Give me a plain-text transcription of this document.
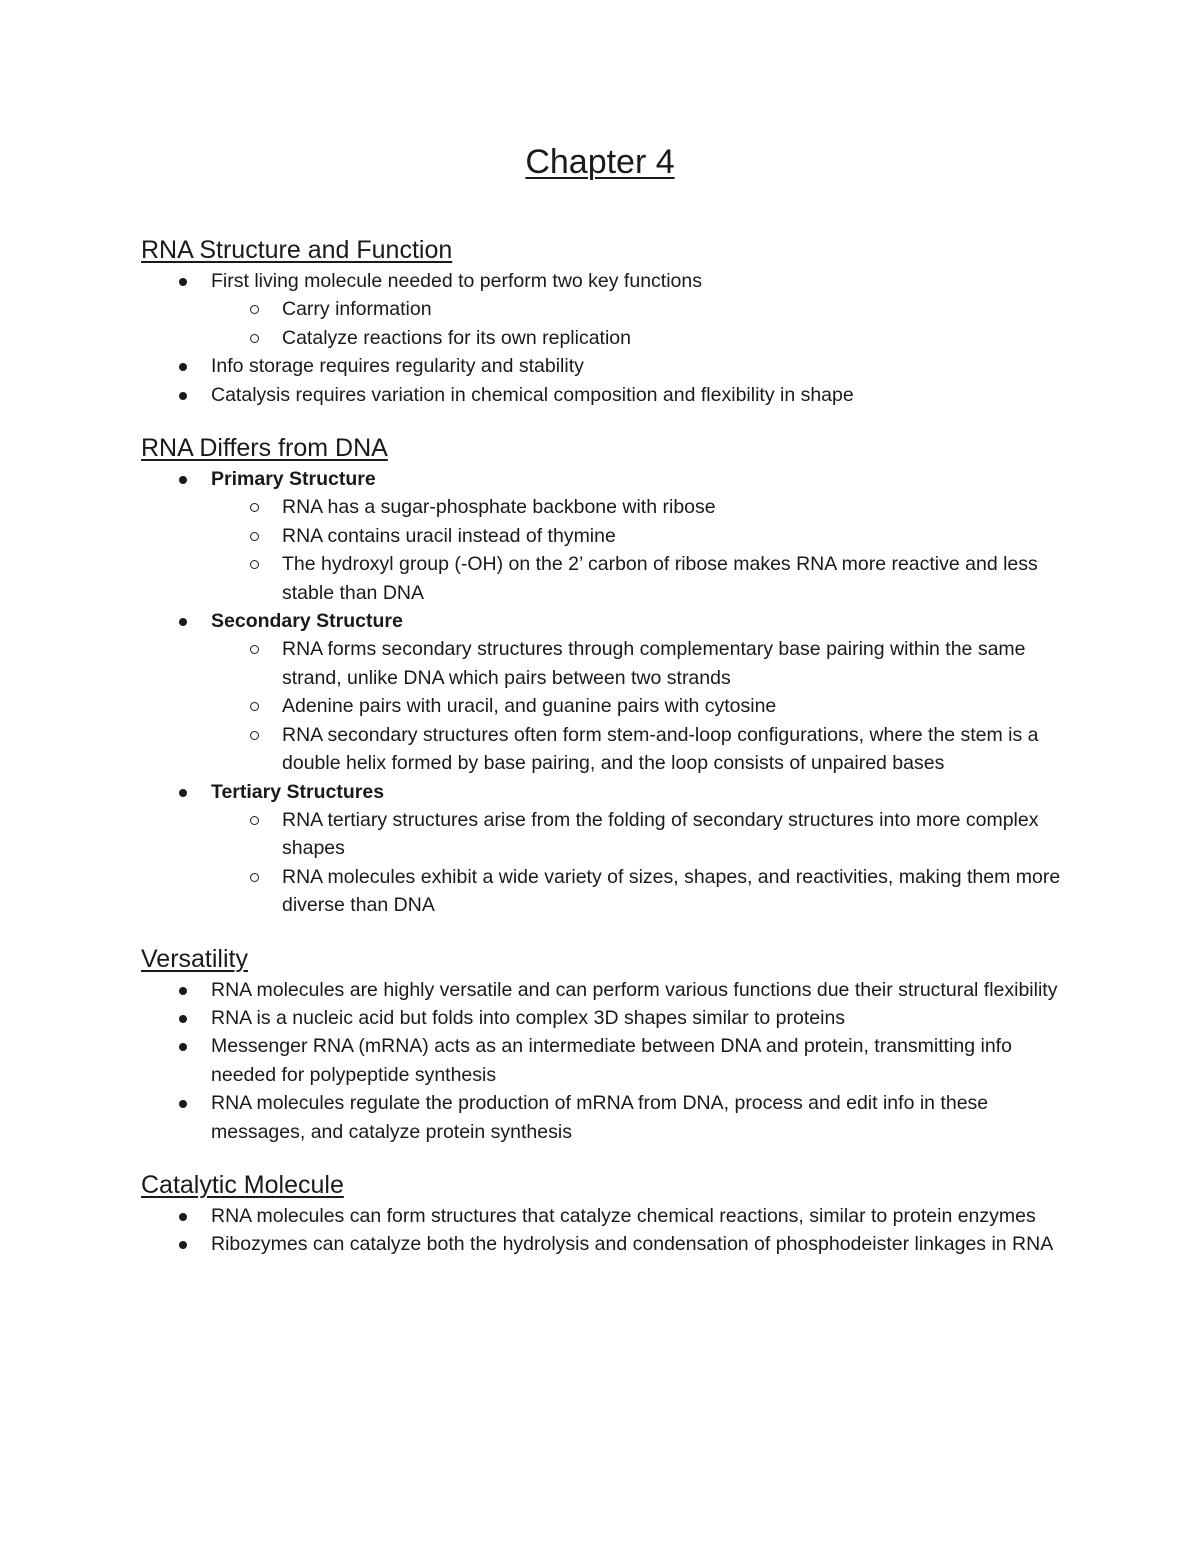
Chapter 4
RNA Structure and Function
First living molecule needed to perform two key functions
Carry information
Catalyze reactions for its own replication
Info storage requires regularity and stability
Catalysis requires variation in chemical composition and flexibility in shape
RNA Differs from DNA
Primary Structure
RNA has a sugar-phosphate backbone with ribose
RNA contains uracil instead of thymine
The hydroxyl group (-OH) on the 2’ carbon of ribose makes RNA more reactive and less stable than DNA
Secondary Structure
RNA forms secondary structures through complementary base pairing within the same strand, unlike DNA which pairs between two strands
Adenine pairs with uracil, and guanine pairs with cytosine
RNA secondary structures often form stem-and-loop configurations, where the stem is a double helix formed by base pairing, and the loop consists of unpaired bases
Tertiary Structures
RNA tertiary structures arise from the folding of secondary structures into more complex shapes
RNA molecules exhibit a wide variety of sizes, shapes, and reactivities, making them more diverse than DNA
Versatility
RNA molecules are highly versatile and can perform various functions due their structural flexibility
RNA is a nucleic acid but folds into complex 3D shapes similar to proteins
Messenger RNA (mRNA) acts as an intermediate between DNA and protein, transmitting info needed for polypeptide synthesis
RNA molecules regulate the production of mRNA from DNA, process and edit info in these messages, and catalyze protein synthesis
Catalytic Molecule
RNA molecules can form structures that catalyze chemical reactions, similar to protein enzymes
Ribozymes can catalyze both the hydrolysis and condensation of phosphodeister linkages in RNA
